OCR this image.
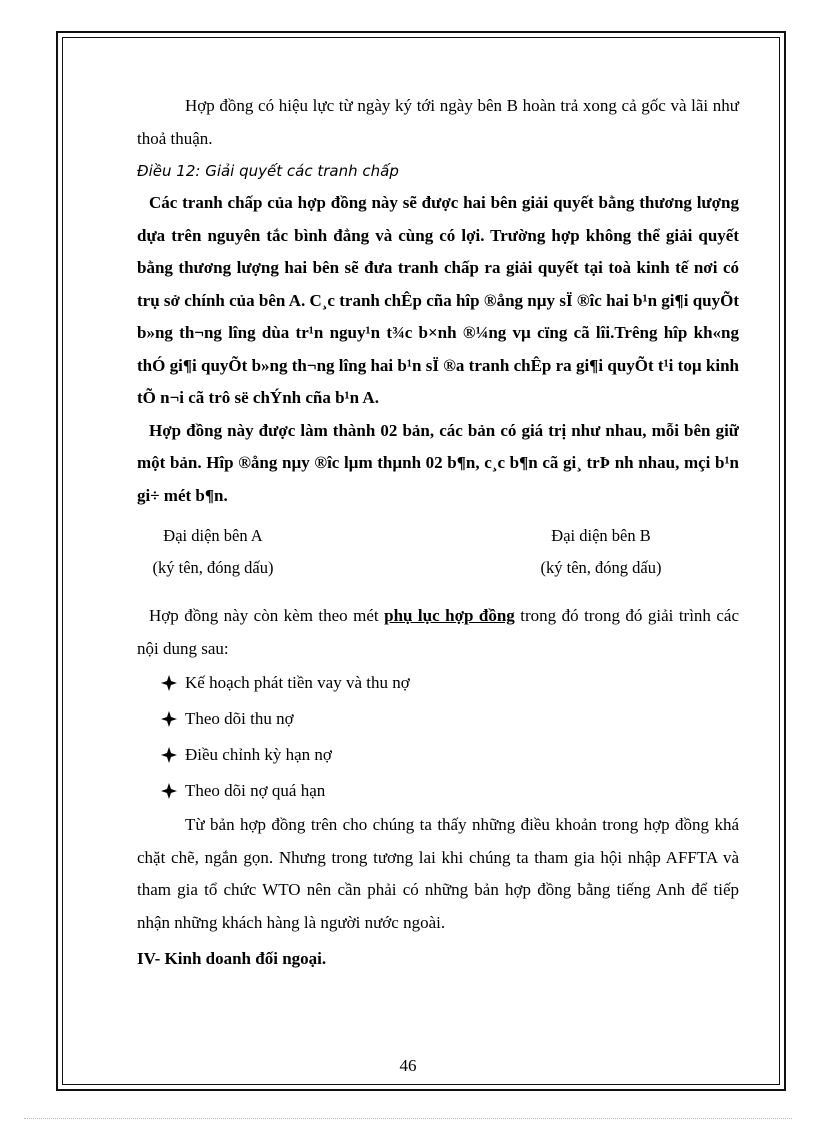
Hợp đồng có hiệu lực từ ngày ký tới ngày bên B hoàn trả xong cả gốc và lãi như thoả thuận.

Điều 12: Giải quyết các tranh chấp

Các tranh chấp của hợp đồng này sẽ được hai bên giải quyết bằng thương lượng dựa trên nguyên tắc bình đẳng và cùng có lợi. Trường hợp không thể giải quyết bằng thương lượng hai bên sẽ đưa tranh chấp ra giải quyết tại toà kinh tế nơi có trụ sở chính của bên A. C¸c tranh chÊp cña hîp ®ång nµy sÏ ®îc hai b¹n gi¶i quyÕt b»ng th¬ng lîng dùa tr¹n nguy¹n t¾c b×nh ®¼ng vµ cïng cã lîi.Trêng hîp kh«ng thÓ gi¶i quyÕt b»ng th¬ng lîng hai b¹n sÏ ®a tranh chÊp ra gi¶i quyÕt t¹i toµ kinh tÕ n¬i cã trô së chÝnh cña b¹n A.

Hợp đồng này được làm thành 02 bản, các bản có giá trị như nhau, mỗi bên giữ một bản. Hîp ®ång nµy ®îc lµm thµnh 02 b¶n, c¸c b¶n cã gi¸ trÞ nh nhau, mçi b¹n gi÷ mét b¶n.

Đại diện bên A
(ký tên, đóng dấu)
Đại diện bên B
(ký tên, đóng dấu)

Hợp đồng này còn kèm theo mét phụ lục hợp đồng trong đó trong đó giải trình các nội dung sau:

Kế hoạch phát tiền vay và thu nợ
Theo dõi thu nợ
Điều chỉnh kỳ hạn nợ
Theo dõi nợ quá hạn

Từ bản hợp đồng trên cho chúng ta thấy những điều khoản trong hợp đồng khá chặt chẽ, ngắn gọn. Nhưng trong tương lai khi chúng ta tham gia hội nhập AFFTA và tham gia tổ chức WTO nên cần phải có những bản hợp đồng bằng tiếng Anh để tiếp nhận những khách hàng là người nước ngoài.

IV- Kinh doanh đối ngoại.

46
